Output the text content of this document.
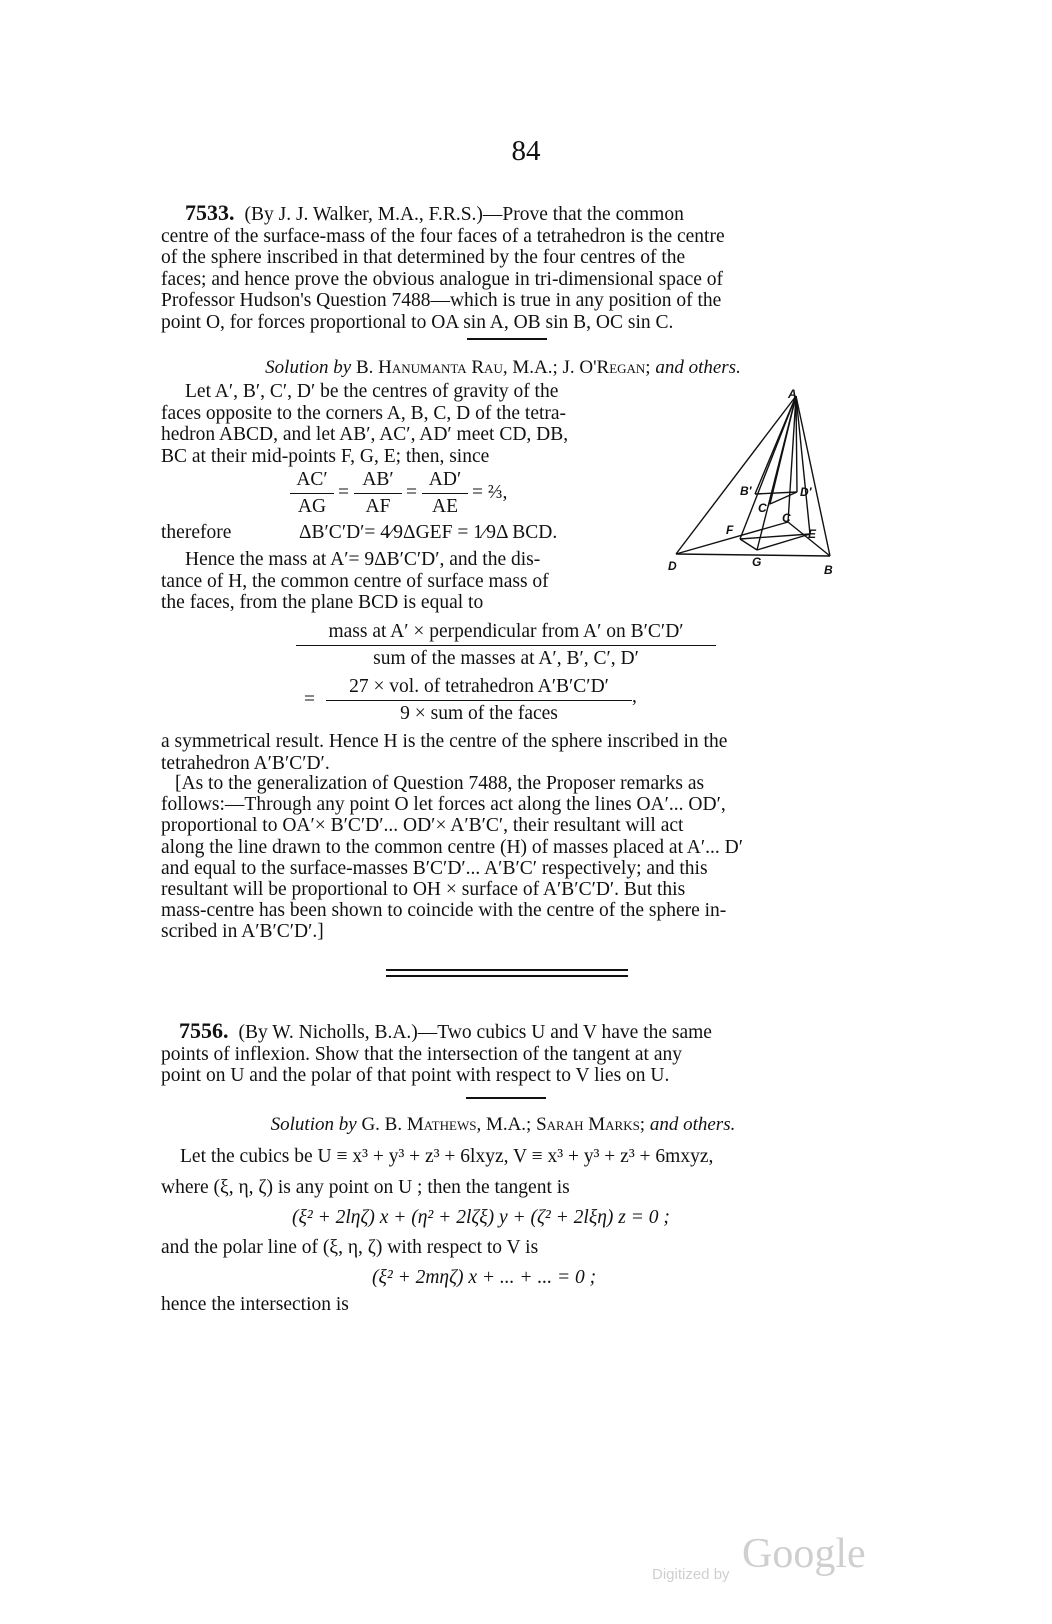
84
7533. (By J. J. Walker, M.A., F.R.S.)—Prove that the common
centre of the surface-mass of the four faces of a tetrahedron is the centre
of the sphere inscribed in that determined by the four centres of the
faces; and hence prove the obvious analogue in tri-dimensional space of
Professor Hudson's Question 7488—which is true in any position of the
point O, for forces proportional to OA sin A, OB sin B, OC sin C.
Solution by B. Hanumanta Rau, M.A.; J. O'Regan; and others.
Let A′, B′, C′, D′ be the centres of gravity of the
faces opposite to the corners A, B, C, D of the tetra-
hedron ABCD, and let AB′, AC′, AD′ meet CD, DB,
BC at their mid-points F, G, E; then, since
$\frac{AC'}{AG} = \frac{AB'}{AF} = \frac{AD'}{AE}$ = ⅔,
therefore	ΔB′C′D′= 4⁄9ΔGEF = 1⁄9Δ BCD.
Hence the mass at A′= 9ΔB′C′D′, and the dis-
tance of H, the common centre of surface mass of
the faces, from the plane BCD is equal to
A
B′	D′
C′
C
F	E
D	G
B
mass at A′ × perpendicular from A′ on B′C′D′
sum of the masses at A′, B′, C′, D′
=
27 × vol. of tetrahedron A′B′C′D′
9 × sum of the faces
,
a symmetrical result. Hence H is the centre of the sphere inscribed in the
tetrahedron A′B′C′D′.
[As to the generalization of Question 7488, the Proposer remarks as
follows:—Through any point O let forces act along the lines OA′... OD′,
proportional to OA′× B′C′D′... OD′× A′B′C′, their resultant will act
along the line drawn to the common centre (H) of masses placed at A′... D′
and equal to the surface-masses B′C′D′... A′B′C′ respectively; and this
resultant will be proportional to OH × surface of A′B′C′D′. But this
mass-centre has been shown to coincide with the centre of the sphere in-
scribed in A′B′C′D′.]
7556. (By W. Nicholls, B.A.)—Two cubics U and V have the same
points of inflexion. Show that the intersection of the tangent at any
point on U and the polar of that point with respect to V lies on U.
Solution by G. B. Mathews, M.A.; Sarah Marks; and others.
Let the cubics be U ≡ x³ + y³ + z³ + 6lxyz, V ≡ x³ + y³ + z³ + 6mxyz,
where (ξ, η, ζ) is any point on U ; then the tangent is
(ξ² + 2lηζ) x + (η² + 2lζξ) y + (ζ² + 2lξη) z = 0 ;
and the polar line of (ξ, η, ζ) with respect to V is
(ξ² + 2mηζ) x + ... + ... = 0 ;
hence the intersection is
Digitized by Google
